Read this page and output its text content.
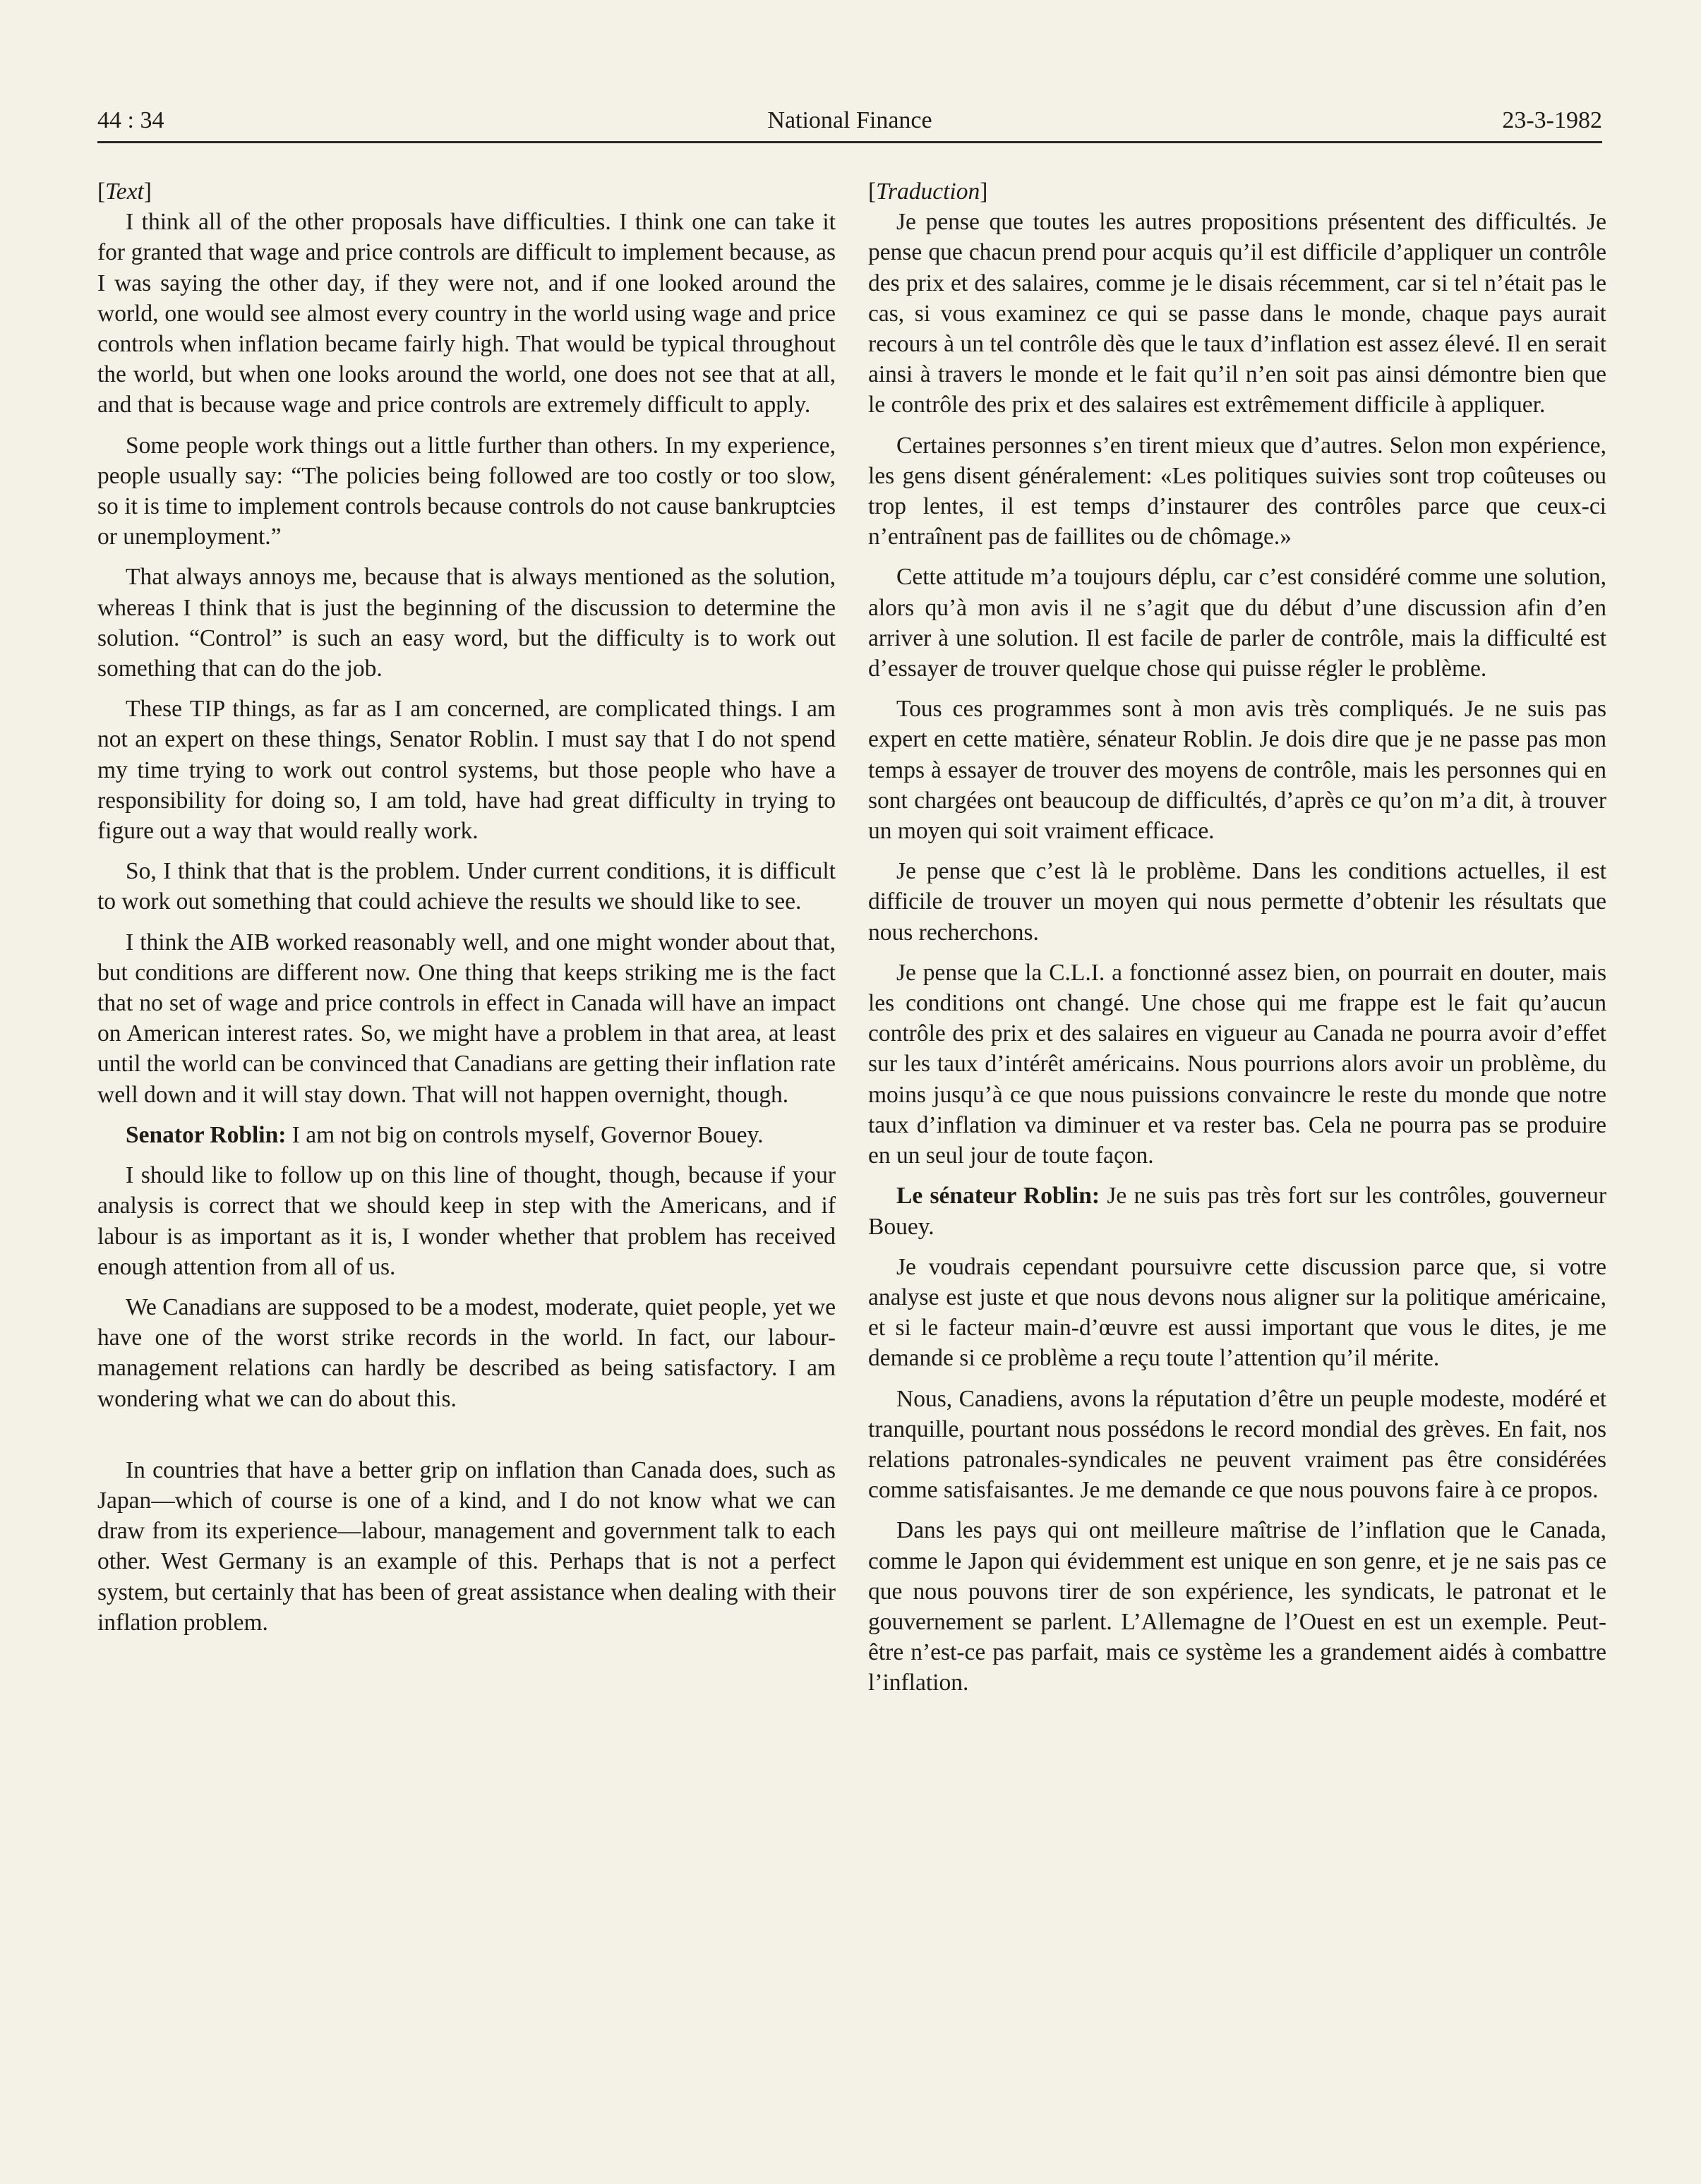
44 : 34	National Finance	23-3-1982

[Text]

I think all of the other proposals have difficulties. I think one can take it for granted that wage and price controls are difficult to implement because, as I was saying the other day, if they were not, and if one looked around the world, one would see almost every country in the world using wage and price controls when inflation became fairly high. That would be typical throughout the world, but when one looks around the world, one does not see that at all, and that is because wage and price controls are extremely difficult to apply.

Some people work things out a little further than others. In my experience, people usually say: “The policies being followed are too costly or too slow, so it is time to implement controls because controls do not cause bankruptcies or unemployment.”

That always annoys me, because that is always mentioned as the solution, whereas I think that is just the beginning of the discussion to determine the solution. “Control” is such an easy word, but the difficulty is to work out something that can do the job.

These TIP things, as far as I am concerned, are complicated things. I am not an expert on these things, Senator Roblin. I must say that I do not spend my time trying to work out control systems, but those people who have a responsibility for doing so, I am told, have had great difficulty in trying to figure out a way that would really work.

So, I think that that is the problem. Under current conditions, it is difficult to work out something that could achieve the results we should like to see.

I think the AIB worked reasonably well, and one might wonder about that, but conditions are different now. One thing that keeps striking me is the fact that no set of wage and price controls in effect in Canada will have an impact on American interest rates. So, we might have a problem in that area, at least until the world can be convinced that Canadians are getting their inflation rate well down and it will stay down. That will not happen overnight, though.

Senator Roblin: I am not big on controls myself, Governor Bouey.

I should like to follow up on this line of thought, though, because if your analysis is correct that we should keep in step with the Americans, and if labour is as important as it is, I wonder whether that problem has received enough attention from all of us.

We Canadians are supposed to be a modest, moderate, quiet people, yet we have one of the worst strike records in the world. In fact, our labour-management relations can hardly be described as being satisfactory. I am wondering what we can do about this.

In countries that have a better grip on inflation than Canada does, such as Japan—which of course is one of a kind, and I do not know what we can draw from its experience—labour, management and government talk to each other. West Germany is an example of this. Perhaps that is not a perfect system, but certainly that has been of great assistance when dealing with their inflation problem.

[Traduction]

Je pense que toutes les autres propositions présentent des difficultés. Je pense que chacun prend pour acquis qu’il est difficile d’appliquer un contrôle des prix et des salaires, comme je le disais récemment, car si tel n’était pas le cas, si vous examinez ce qui se passe dans le monde, chaque pays aurait recours à un tel contrôle dès que le taux d’inflation est assez élevé. Il en serait ainsi à travers le monde et le fait qu’il n’en soit pas ainsi démontre bien que le contrôle des prix et des salaires est extrêmement difficile à appliquer.

Certaines personnes s’en tirent mieux que d’autres. Selon mon expérience, les gens disent généralement: «Les politiques suivies sont trop coûteuses ou trop lentes, il est temps d’instaurer des contrôles parce que ceux-ci n’entraînent pas de faillites ou de chômage.»

Cette attitude m’a toujours déplu, car c’est considéré comme une solution, alors qu’à mon avis il ne s’agit que du début d’une discussion afin d’en arriver à une solution. Il est facile de parler de contrôle, mais la difficulté est d’essayer de trouver quelque chose qui puisse régler le problème.

Tous ces programmes sont à mon avis très compliqués. Je ne suis pas expert en cette matière, sénateur Roblin. Je dois dire que je ne passe pas mon temps à essayer de trouver des moyens de contrôle, mais les personnes qui en sont chargées ont beaucoup de difficultés, d’après ce qu’on m’a dit, à trouver un moyen qui soit vraiment efficace.

Je pense que c’est là le problème. Dans les conditions actuelles, il est difficile de trouver un moyen qui nous permette d’obtenir les résultats que nous recherchons.

Je pense que la C.L.I. a fonctionné assez bien, on pourrait en douter, mais les conditions ont changé. Une chose qui me frappe est le fait qu’aucun contrôle des prix et des salaires en vigueur au Canada ne pourra avoir d’effet sur les taux d’intérêt américains. Nous pourrions alors avoir un problème, du moins jusqu’à ce que nous puissions convaincre le reste du monde que notre taux d’inflation va diminuer et va rester bas. Cela ne pourra pas se produire en un seul jour de toute façon.

Le sénateur Roblin: Je ne suis pas très fort sur les contrôles, gouverneur Bouey.

Je voudrais cependant poursuivre cette discussion parce que, si votre analyse est juste et que nous devons nous aligner sur la politique américaine, et si le facteur main-d’œuvre est aussi important que vous le dites, je me demande si ce problème a reçu toute l’attention qu’il mérite.

Nous, Canadiens, avons la réputation d’être un peuple modeste, modéré et tranquille, pourtant nous possédons le record mondial des grèves. En fait, nos relations patronales-syndicales ne peuvent vraiment pas être considérées comme satisfaisantes. Je me demande ce que nous pouvons faire à ce propos.

Dans les pays qui ont meilleure maîtrise de l’inflation que le Canada, comme le Japon qui évidemment est unique en son genre, et je ne sais pas ce que nous pouvons tirer de son expérience, les syndicats, le patronat et le gouvernement se parlent. L’Allemagne de l’Ouest en est un exemple. Peut-être n’est-ce pas parfait, mais ce système les a grandement aidés à combattre l’inflation.
